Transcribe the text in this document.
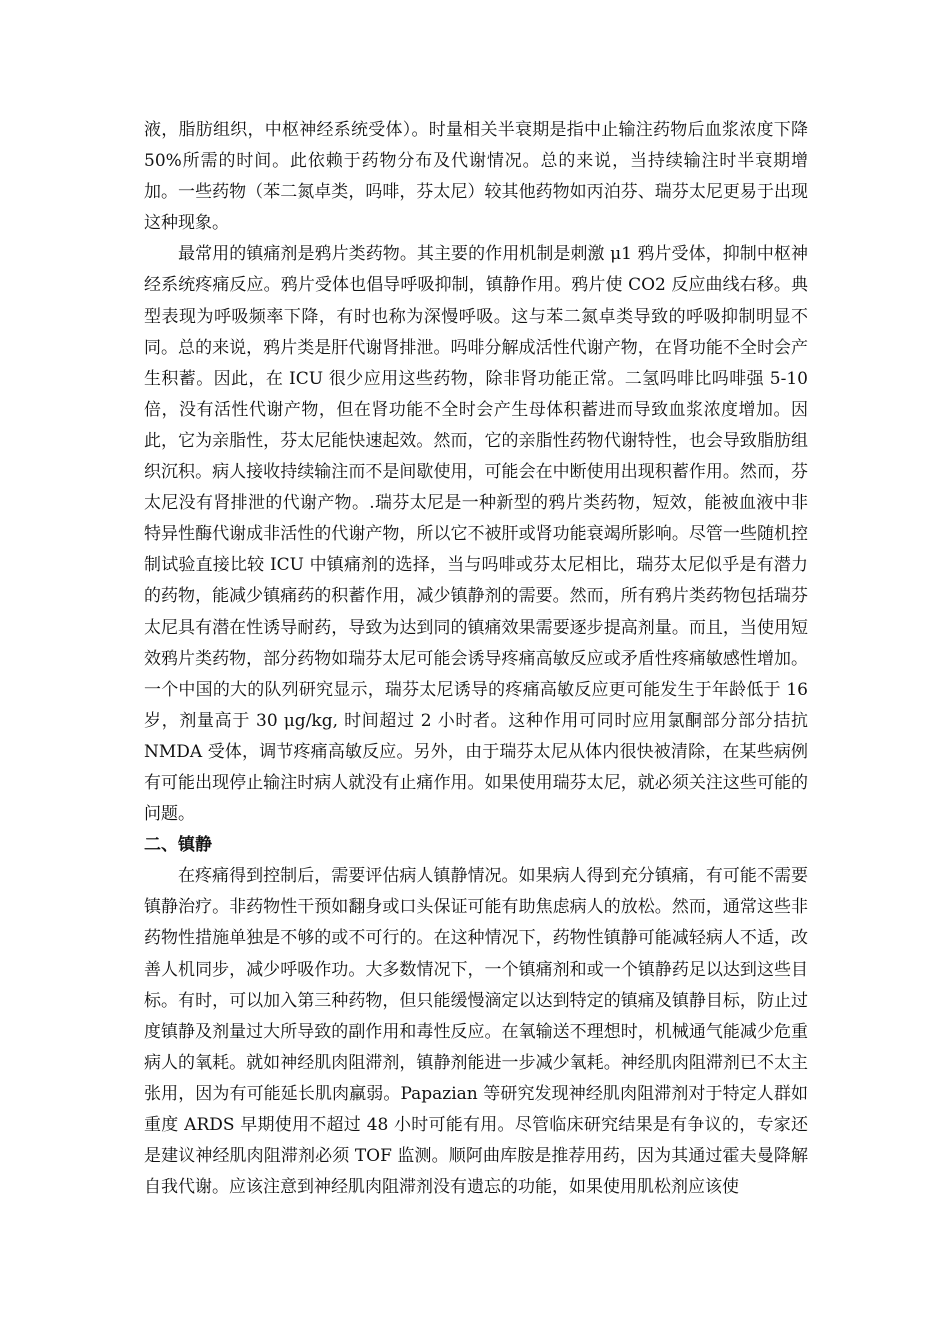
液，脂肪组织，中枢神经系统受体）。时量相关半衰期是指中止输注药物后血浆浓度下降50%所需的时间。此依赖于药物分布及代谢情况。总的来说，当持续输注时半衰期增加。一些药物（苯二氮卓类，吗啡，芬太尼）较其他药物如丙泊芬、瑞芬太尼更易于出现这种现象。

最常用的镇痛剂是鸦片类药物。其主要的作用机制是刺激 μ1 鸦片受体，抑制中枢神经系统疼痛反应。鸦片受体也倡导呼吸抑制，镇静作用。鸦片使 CO2 反应曲线右移。典型表现为呼吸频率下降，有时也称为深慢呼吸。这与苯二氮卓类导致的呼吸抑制明显不同。总的来说，鸦片类是肝代谢肾排泄。吗啡分解成活性代谢产物，在肾功能不全时会产生积蓄。因此，在 ICU 很少应用这些药物，除非肾功能正常。二氢吗啡比吗啡强 5-10 倍，没有活性代谢产物，但在肾功能不全时会产生母体积蓄进而导致血浆浓度增加。因此，它为亲脂性，芬太尼能快速起效。然而，它的亲脂性药物代谢特性，也会导致脂肪组织沉积。病人接收持续输注而不是间歇使用，可能会在中断使用出现积蓄作用。然而，芬太尼没有肾排泄的代谢产物。.瑞芬太尼是一种新型的鸦片类药物，短效，能被血液中非特异性酶代谢成非活性的代谢产物，所以它不被肝或肾功能衰竭所影响。尽管一些随机控制试验直接比较 ICU 中镇痛剂的选择，当与吗啡或芬太尼相比，瑞芬太尼似乎是有潜力的药物，能减少镇痛药的积蓄作用，减少镇静剂的需要。然而，所有鸦片类药物包括瑞芬太尼具有潜在性诱导耐药，导致为达到同的镇痛效果需要逐步提高剂量。而且，当使用短效鸦片类药物，部分药物如瑞芬太尼可能会诱导疼痛高敏反应或矛盾性疼痛敏感性增加。一个中国的大的队列研究显示，瑞芬太尼诱导的疼痛高敏反应更可能发生于年龄低于 16 岁，剂量高于 30 μg/kg, 时间超过 2 小时者。这种作用可同时应用氯酮部分部分拮抗 NMDA 受体，调节疼痛高敏反应。另外，由于瑞芬太尼从体内很快被清除，在某些病例有可能出现停止输注时病人就没有止痛作用。如果使用瑞芬太尼，就必须关注这些可能的问题。

二、镇静

在疼痛得到控制后，需要评估病人镇静情况。如果病人得到充分镇痛，有可能不需要镇静治疗。非药物性干预如翻身或口头保证可能有助焦虑病人的放松。然而，通常这些非药物性措施单独是不够的或不可行的。在这种情况下，药物性镇静可能减轻病人不适，改善人机同步，减少呼吸作功。大多数情况下，一个镇痛剂和或一个镇静药足以达到这些目标。有时，可以加入第三种药物，但只能缓慢滴定以达到特定的镇痛及镇静目标，防止过度镇静及剂量过大所导致的副作用和毒性反应。在氧输送不理想时，机械通气能减少危重病人的氧耗。就如神经肌肉阻滞剂，镇静剂能进一步减少氧耗。神经肌肉阻滞剂已不太主张用，因为有可能延长肌肉羸弱。Papazian 等研究发现神经肌肉阻滞剂对于特定人群如重度 ARDS 早期使用不超过 48 小时可能有用。尽管临床研究结果是有争议的，专家还是建议神经肌肉阻滞剂必须 TOF 监测。顺阿曲库胺是推荐用药，因为其通过霍夫曼降解自我代谢。应该注意到神经肌肉阻滞剂没有遗忘的功能，如果使用肌松剂应该使
